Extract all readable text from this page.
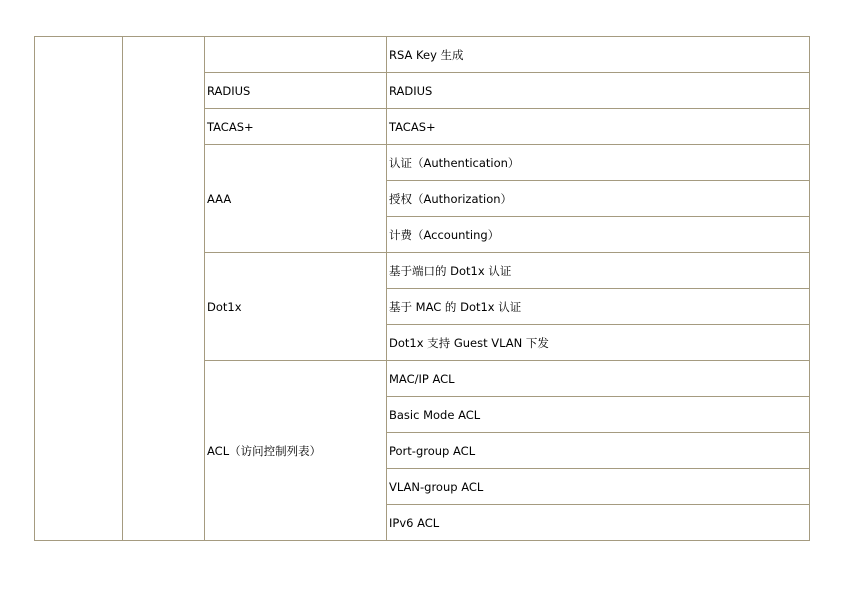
			RSA Key 生成
		RADIUS	RADIUS
		TACAS+	TACAS+
		AAA	认证（Authentication）
			授权（Authorization）
			计费（Accounting）
		Dot1x	基于端口的 Dot1x 认证
			基于 MAC 的 Dot1x 认证
			Dot1x 支持 Guest VLAN 下发
		ACL（访问控制列表）	MAC/IP ACL
			Basic Mode ACL
			Port-group ACL
			VLAN-group ACL
			IPv6 ACL
